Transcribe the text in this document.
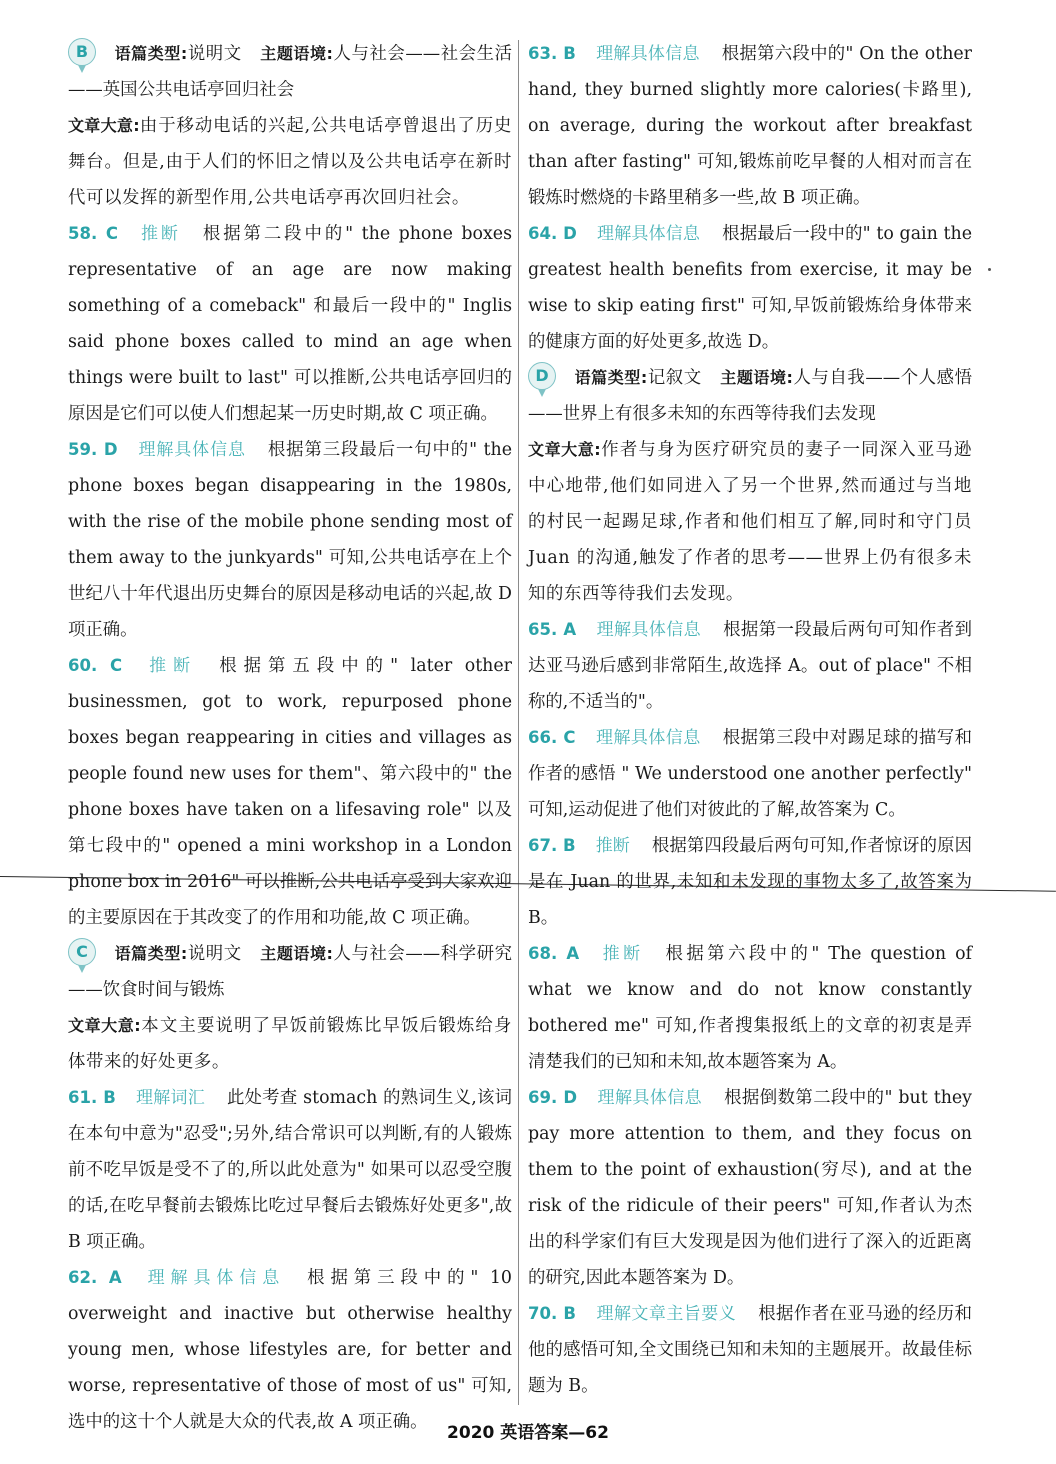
B 语篇类型:说明文 主题语境:人与社会——社会生活——英国公共电话亭回归社会

文章大意:由于移动电话的兴起,公共电话亭曾退出了历史舞台。但是,由于人们的怀旧之情以及公共电话亭在新时代可以发挥的新型作用,公共电话亭再次回归社会。

58. C 推断 根据第二段中的" the phone boxes representative of an age are now making something of a comeback" 和最后一段中的" Inglis said phone boxes called to mind an age when things were built to last" 可以推断,公共电话亭回归的原因是它们可以使人们想起某一历史时期,故 C 项正确。

59. D 理解具体信息 根据第三段最后一句中的" the phone boxes began disappearing in the 1980s, with the rise of the mobile phone sending most of them away to the junkyards" 可知,公共电话亭在上个世纪八十年代退出历史舞台的原因是移动电话的兴起,故 D 项正确。

60. C 推断 根据第五段中的" later other businessmen, got to work, repurposed phone boxes began reappearing in cities and villages as people found new uses for them"、第六段中的" the phone boxes have taken on a lifesaving role" 以及第七段中的" opened a mini workshop in a London phone box in 2016" 可以推断,公共电话亭受到大家欢迎的主要原因在于其改变了的作用和功能,故 C 项正确。

C 语篇类型:说明文 主题语境:人与社会——科学研究——饮食时间与锻炼

文章大意:本文主要说明了早饭前锻炼比早饭后锻炼给身体带来的好处更多。

61. B 理解词汇 此处考查 stomach 的熟词生义,该词在本句中意为"忍受";另外,结合常识可以判断,有的人锻炼前不吃早饭是受不了的,所以此处意为" 如果可以忍受空腹的话,在吃早餐前去锻炼比吃过早餐后去锻炼好处更多",故 B 项正确。

62. A 理解具体信息 根据第三段中的" 10 overweight and inactive but otherwise healthy young men, whose lifestyles are, for better and worse, representative of those of most of us" 可知,选中的这十个人就是大众的代表,故 A 项正确。

63. B 理解具体信息 根据第六段中的" On the other hand, they burned slightly more calories(卡路里), on average, during the workout after breakfast than after fasting" 可知,锻炼前吃早餐的人相对而言在锻炼时燃烧的卡路里稍多一些,故 B 项正确。

64. D 理解具体信息 根据最后一段中的" to gain the greatest health benefits from exercise, it may be wise to skip eating first" 可知,早饭前锻炼给身体带来的健康方面的好处更多,故选 D。

D 语篇类型:记叙文 主题语境:人与自我——个人感悟——世界上有很多未知的东西等待我们去发现

文章大意:作者与身为医疗研究员的妻子一同深入亚马逊中心地带,他们如同进入了另一个世界,然而通过与当地的村民一起踢足球,作者和他们相互了解,同时和守门员 Juan 的沟通,触发了作者的思考——世界上仍有很多未知的东西等待我们去发现。

65. A 理解具体信息 根据第一段最后两句可知作者到达亚马逊后感到非常陌生,故选择 A。out of place" 不相称的,不适当的"。

66. C 理解具体信息 根据第三段中对踢足球的描写和作者的感悟 " We understood one another perfectly" 可知,运动促进了他们对彼此的了解,故答案为 C。

67. B 推断 根据第四段最后两句可知,作者惊讶的原因是在 Juan 的世界,未知和未发现的事物太多了,故答案为 B。

68. A 推断 根据第六段中的" The question of what we know and do not know constantly bothered me" 可知,作者搜集报纸上的文章的初衷是弄清楚我们的已知和未知,故本题答案为 A。

69. D 理解具体信息 根据倒数第二段中的" but they pay more attention to them, and they focus on them to the point of exhaustion(穷尽), and at the risk of the ridicule of their peers" 可知,作者认为杰出的科学家们有巨大发现是因为他们进行了深入的近距离的研究,因此本题答案为 D。

70. B 理解文章主旨要义 根据作者在亚马逊的经历和他的感悟可知,全文围绕已知和未知的主题展开。故最佳标题为 B。

2020 英语答案—62
